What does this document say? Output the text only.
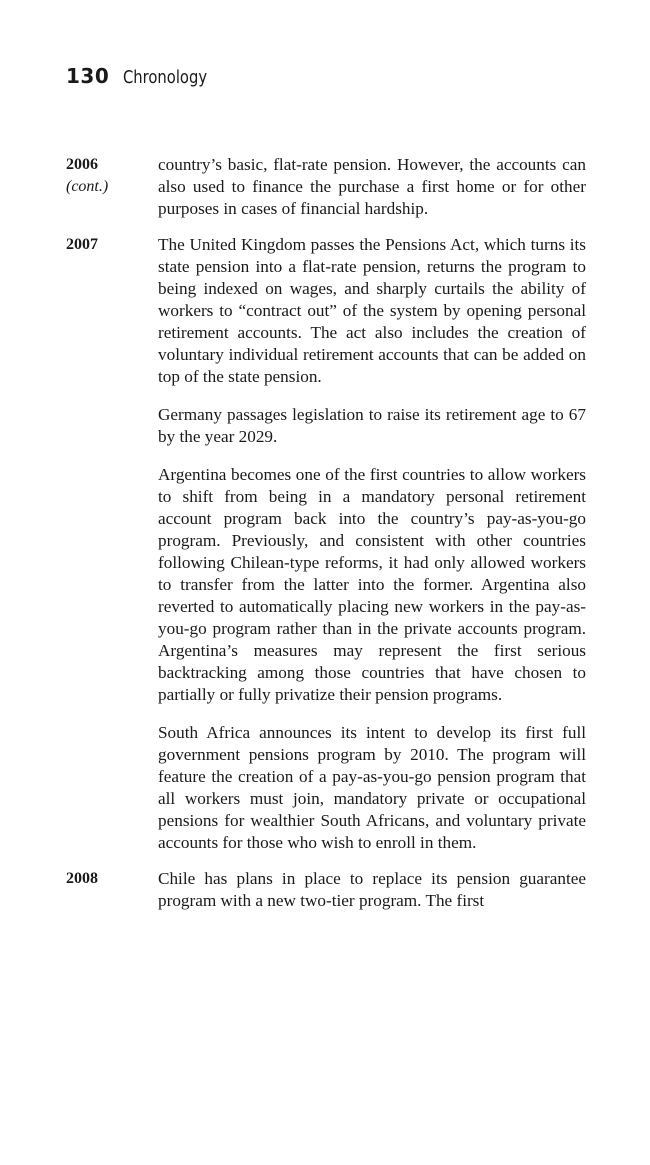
130 Chronology
2006
(cont.)

country’s basic, flat-rate pension. However, the accounts can also used to finance the purchase a first home or for other purposes in cases of financial hardship.

2007	The United Kingdom passes the Pensions Act, which turns its state pension into a flat-rate pension, returns the program to being indexed on wages, and sharply curtails the ability of workers to “contract out” of the system by opening personal retirement accounts. The act also includes the creation of voluntary individual retirement accounts that can be added on top of the state pension.

Germany passages legislation to raise its retirement age to 67 by the year 2029.

Argentina becomes one of the first countries to allow workers to shift from being in a mandatory personal retirement account program back into the country’s pay-as-you-go program. Previously, and consistent with other countries following Chilean-type reforms, it had only allowed workers to transfer from the latter into the former. Argentina also reverted to automatically placing new workers in the pay-as-you-go program rather than in the private accounts program. Argentina’s measures may represent the first serious backtracking among those countries that have chosen to partially or fully privatize their pension programs.

South Africa announces its intent to develop its first full government pensions program by 2010. The program will feature the creation of a pay-as-you-go pension program that all workers must join, mandatory private or occupational pensions for wealthier South Africans, and voluntary private accounts for those who wish to enroll in them.

2008	Chile has plans in place to replace its pension guarantee program with a new two-tier program. The first
